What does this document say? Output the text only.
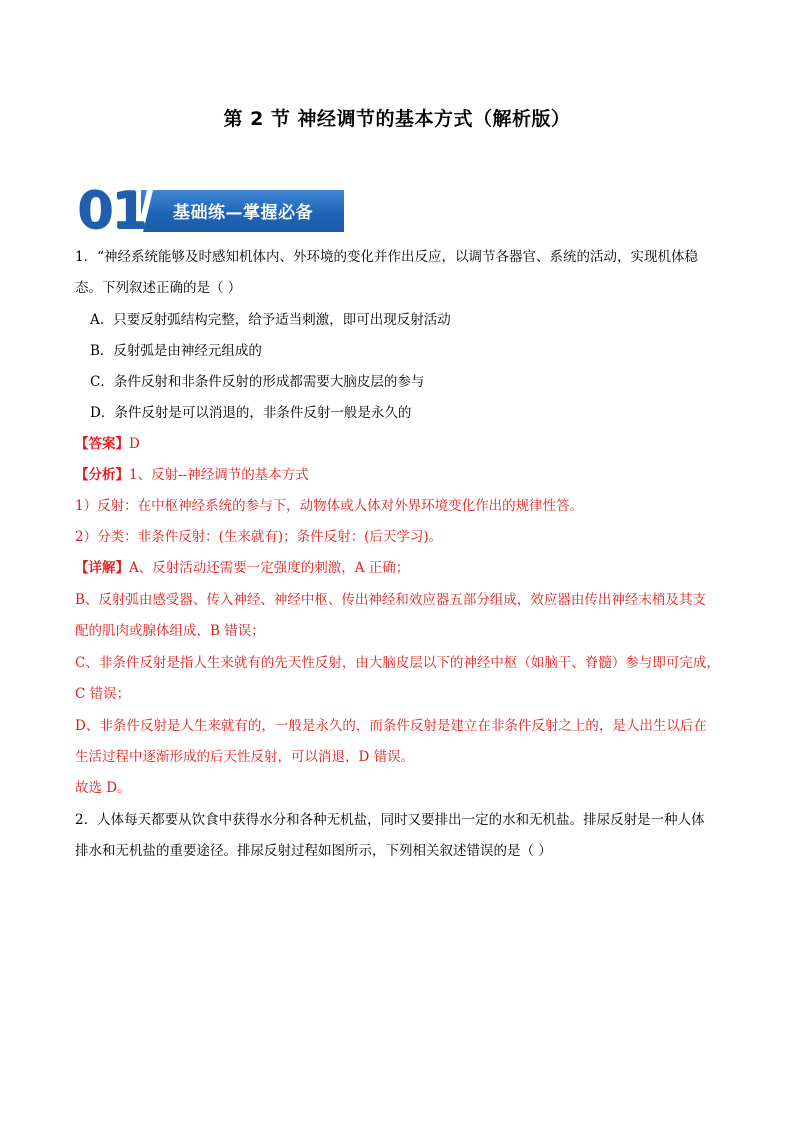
第 2 节 神经调节的基本方式（解析版）
01 基础练—掌握必备
1．“神经系统能够及时感知机体内、外环境的变化并作出反应，以调节各器官、系统的活动，实现机体稳
态。下列叙述正确的是（ ）
A．只要反射弧结构完整，给予适当刺激，即可出现反射活动
B．反射弧是由神经元组成的
C．条件反射和非条件反射的形成都需要大脑皮层的参与
D．条件反射是可以消退的，非条件反射一般是永久的
【答案】D
【分析】1、反射--神经调节的基本方式
1）反射：在中枢神经系统的参与下，动物体或人体对外界环境变化作出的规律性答。
2）分类：非条件反射：(生来就有)；条件反射：(后天学习)。
【详解】A、反射活动还需要一定强度的刺激，A 正确；
B、反射弧由感受器、传入神经、神经中枢、传出神经和效应器五部分组成，效应器由传出神经末梢及其支
配的肌肉或腺体组成，B 错误；
C、非条件反射是指人生来就有的先天性反射，由大脑皮层以下的神经中枢（如脑干、脊髓）参与即可完成，
C 错误；
D、非条件反射是人生来就有的，一般是永久的，而条件反射是建立在非条件反射之上的，是人出生以后在
生活过程中逐渐形成的后天性反射，可以消退，D 错误。
故选 D。
2．人体每天都要从饮食中获得水分和各种无机盐，同时又要排出一定的水和无机盐。排尿反射是一种人体
排水和无机盐的重要途径。排尿反射过程如图所示，下列相关叙述错误的是（ ）
